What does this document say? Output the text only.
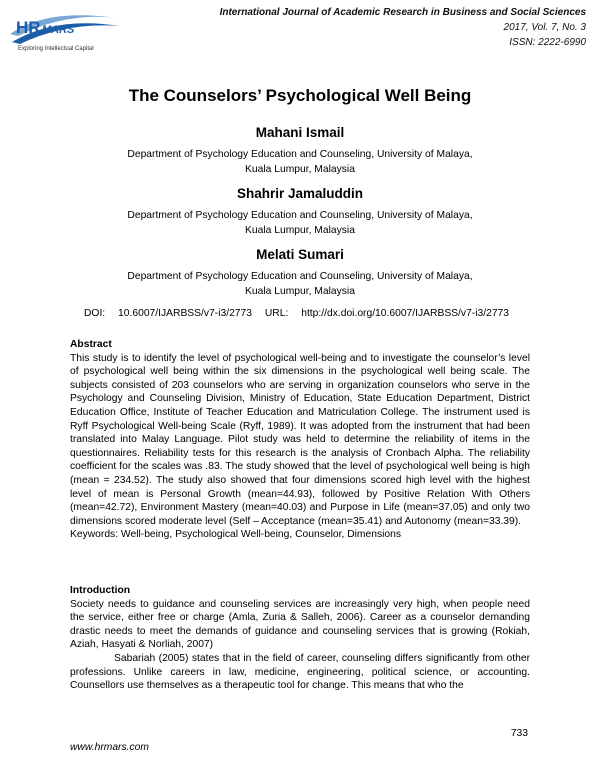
HR MARS
Exploring Intellectual Capital
International Journal of Academic Research in Business and Social Sciences
2017, Vol. 7, No. 3
ISSN: 2222-6990
The Counselors’ Psychological Well Being
Mahani Ismail
Department of Psychology Education and Counseling, University of Malaya,
Kuala Lumpur, Malaysia
Shahrir Jamaluddin
Department of Psychology Education and Counseling, University of Malaya,
Kuala Lumpur, Malaysia
Melati Sumari
Department of Psychology Education and Counseling, University of Malaya,
Kuala Lumpur, Malaysia
DOI: 10.6007/IJARBSS/v7-i3/2773 URL: http://dx.doi.org/10.6007/IJARBSS/v7-i3/2773
Abstract

This study is to identify the level of psychological well-being and to investigate the counselor’s level of psychological well being within the six dimensions in the psychological well being scale. The subjects consisted of 203 counselors who are serving in organization counselors who serve in the Psychology and Counseling Division, Ministry of Education, State Education Department, District Education Office, Institute of Teacher Education and Matriculation College. The instrument used is Ryff Psychological Well-being Scale (Ryff, 1989). It was adopted from the instrument that had been translated into Malay Language. Pilot study was held to determine the reliability of items in the questionnaires. Reliability tests for this research is the analysis of Cronbach Alpha. The reliability coefficient for the scales was .83. The study showed that the level of psychological well being is high (mean = 234.52). The study also showed that four dimensions scored high level with the highest level of mean is Personal Growth (mean=44.93), followed by Positive Relation With Others (mean=42.72), Environment Mastery (mean=40.03) and Purpose in Life (mean=37.05) and only two dimensions scored moderate level (Self – Acceptance (mean=35.41) and Autonomy (mean=33.39).

Keywords: Well-being, Psychological Well-being, Counselor, Dimensions

Introduction

Society needs to guidance and counseling services are increasingly very high, when people need the service, either free or charge (Amla, Zuria & Salleh, 2006). Career as a counselor demanding drastic needs to meet the demands of guidance and counseling services that is growing (Rokiah, Aziah, Hasyati & Norliah, 2007)

Sabariah (2005) states that in the field of career, counseling differs significantly from other professions. Unlike careers in law, medicine, engineering, political science, or accounting. Counsellors use themselves as a therapeutic tool for change. This means that who the

733
www.hrmars.com
